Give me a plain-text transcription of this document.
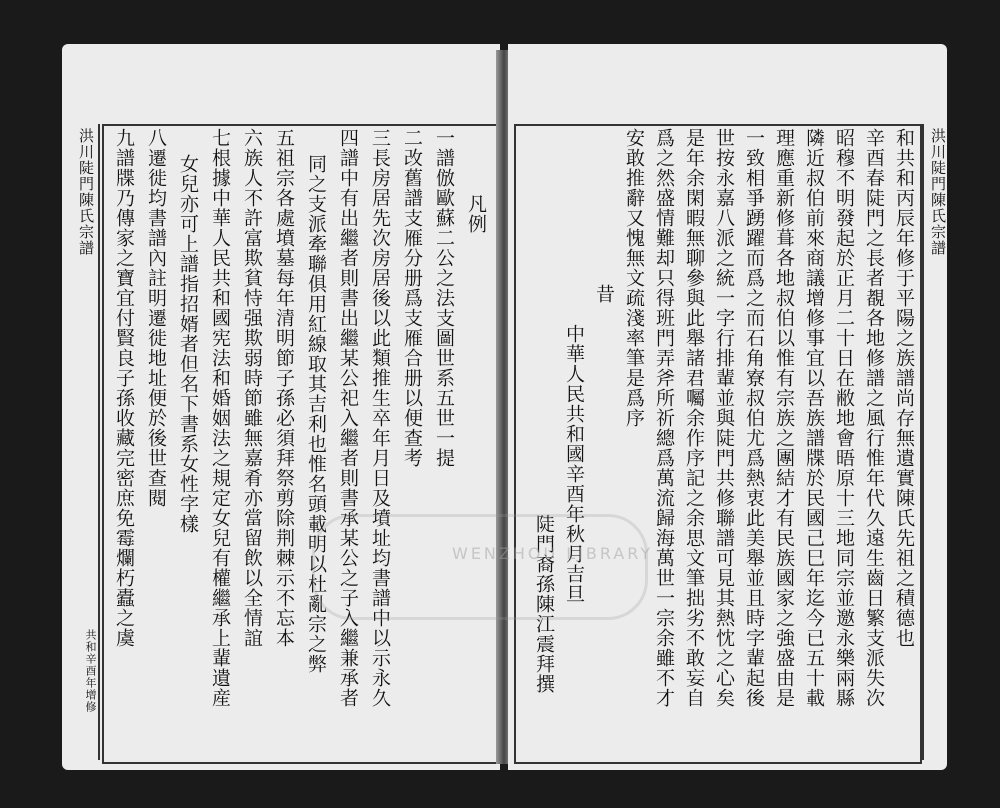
洪川陡門陳氏宗譜
共和辛酉年增修
凡例
一譜倣歐蘇二公之法支圖世系五世一提
二改舊譜支雁分册爲支雁合册以便查考
三長房居先次房居後以此類推生卒年月日及墳址均書譜中以示永久
四譜中有出繼者則書出繼某公祀入繼者則書承某公之子入繼兼承者
同之支派牽聯俱用紅線取其吉利也惟名頭載明以杜亂宗之弊
五祖宗各處墳墓每年清明節子孫必須拜祭剪除荆棘示不忘本
六族人不許富欺貧恃强欺弱時節雖無嘉肴亦當留飲以全情誼
七根據中華人民共和國宪法和婚姻法之規定女兒有權繼承上輩遺産
女兒亦可上譜指招婿者但名下書系女性字樣
八遷徙均書譜內註明遷徙地址便於後世查閱
九譜牒乃傳家之寶宜付賢良子孫收藏完密庶免霉爛朽蠹之虞	洪川陡門陳氏宗譜
和共和丙辰年修于平陽之族譜尚存無遺實陳氏先祖之積德也
辛酉春陡門之長者覩各地修譜之風行惟年代久遠生齒日繁支派失次
昭穆不明發起於正月二十日在敝地會晤原十三地同宗並邀永樂兩縣
隣近叔伯前來商議增修事宜以吾族譜牒於民國己巳年迄今已五十載
理應重新修葺各地叔伯以惟有宗族之團結才有民族國家之強盛由是
一致相爭踴躍而爲之而石角寮叔伯尤爲熱衷此美舉並且時字輩起後
世按永嘉八派之統一字行排輩並與陡門共修聯譜可見其熱忱之心矣
是年余閑暇無聊參與此舉諸君囑余作序記之余思文筆拙劣不敢妄自
爲之然盛情難却只得班門弄斧所祈總爲萬流歸海萬世一宗余雖不才
安敢推辭又愧無文疏淺率筆是爲序
昔
中華人民共和國辛酉年秋月吉旦
陡門裔孫陳江震拜撰
WENZHOU LIBRARY
